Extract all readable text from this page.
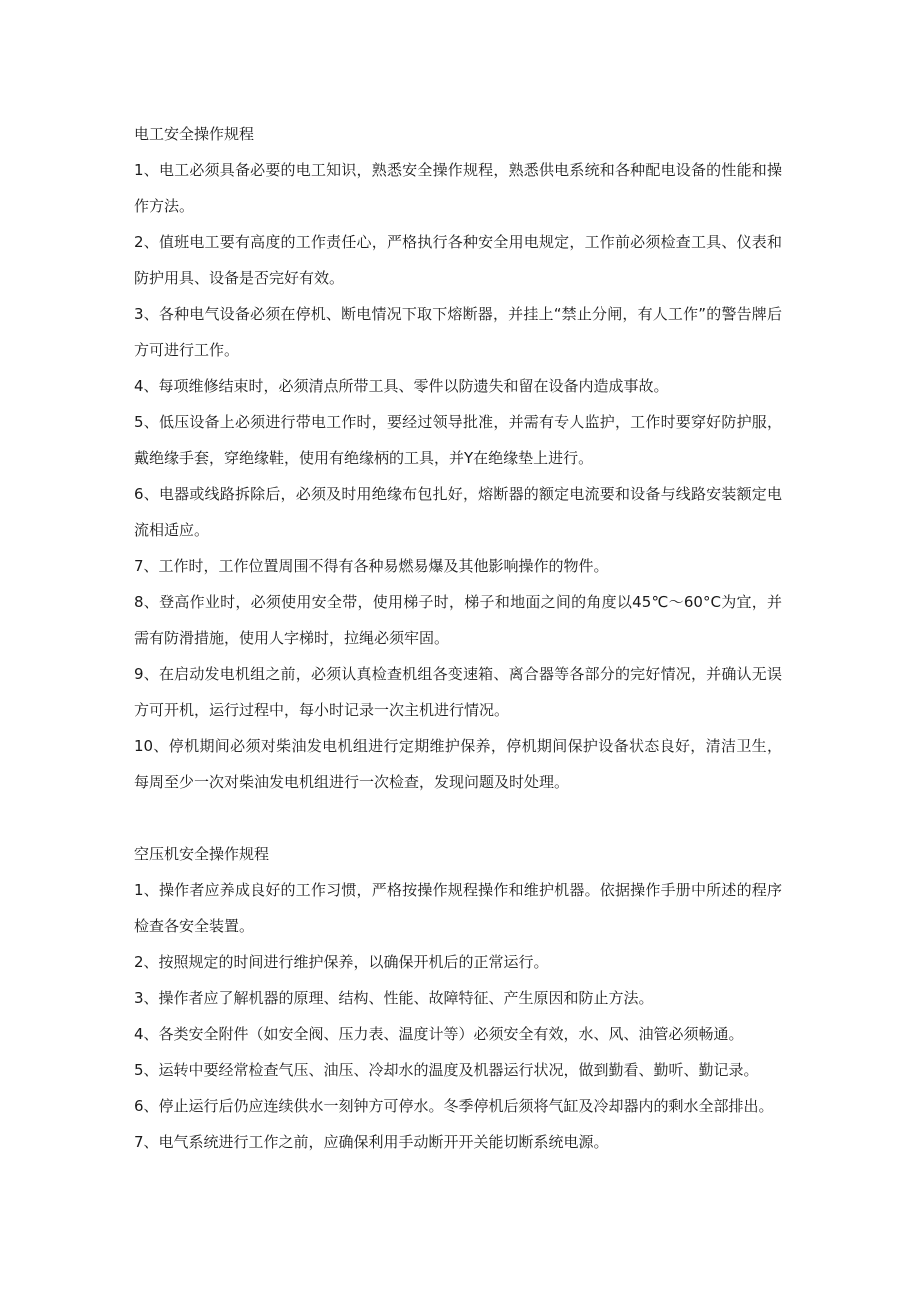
电工安全操作规程

1、电工必须具备必要的电工知识，熟悉安全操作规程，熟悉供电系统和各种配电设备的性能和操作方法。

2、值班电工要有高度的工作责任心，严格执行各种安全用电规定，工作前必须检查工具、仪表和防护用具、设备是否完好有效。

3、各种电气设备必须在停机、断电情况下取下熔断器，并挂上“禁止分闸，有人工作”的警告牌后方可进行工作。

4、每项维修结束时，必须清点所带工具、零件以防遗失和留在设备内造成事故。

5、低压设备上必须进行带电工作时，要经过领导批准，并需有专人监护，工作时要穿好防护服，戴绝缘手套，穿绝缘鞋，使用有绝缘柄的工具，并Y在绝缘垫上进行。

6、电器或线路拆除后，必须及时用绝缘布包扎好，熔断器的额定电流要和设备与线路安装额定电流相适应。

7、工作时，工作位置周围不得有各种易燃易爆及其他影响操作的物件。

8、登高作业时，必须使用安全带，使用梯子时，梯子和地面之间的角度以45℃～60°C为宜，并需有防滑措施，使用人字梯时，拉绳必须牢固。

9、在启动发电机组之前，必须认真检查机组各变速箱、离合器等各部分的完好情况，并确认无误方可开机，运行过程中，每小时记录一次主机进行情况。

10、停机期间必须对柴油发电机组进行定期维护保养，停机期间保护设备状态良好，清洁卫生，每周至少一次对柴油发电机组进行一次检查，发现问题及时处理。

空压机安全操作规程

1、操作者应养成良好的工作习惯，严格按操作规程操作和维护机器。依据操作手册中所述的程序检查各安全装置。

2、按照规定的时间进行维护保养，以确保开机后的正常运行。

3、操作者应了解机器的原理、结构、性能、故障特征、产生原因和防止方法。

4、各类安全附件（如安全阀、压力表、温度计等）必须安全有效，水、风、油管必须畅通。

5、运转中要经常检查气压、油压、冷却水的温度及机器运行状况，做到勤看、勤听、勤记录。

6、停止运行后仍应连续供水一刻钟方可停水。冬季停机后须将气缸及冷却器内的剩水全部排出。

7、电气系统进行工作之前，应确保利用手动断开开关能切断系统电源。
